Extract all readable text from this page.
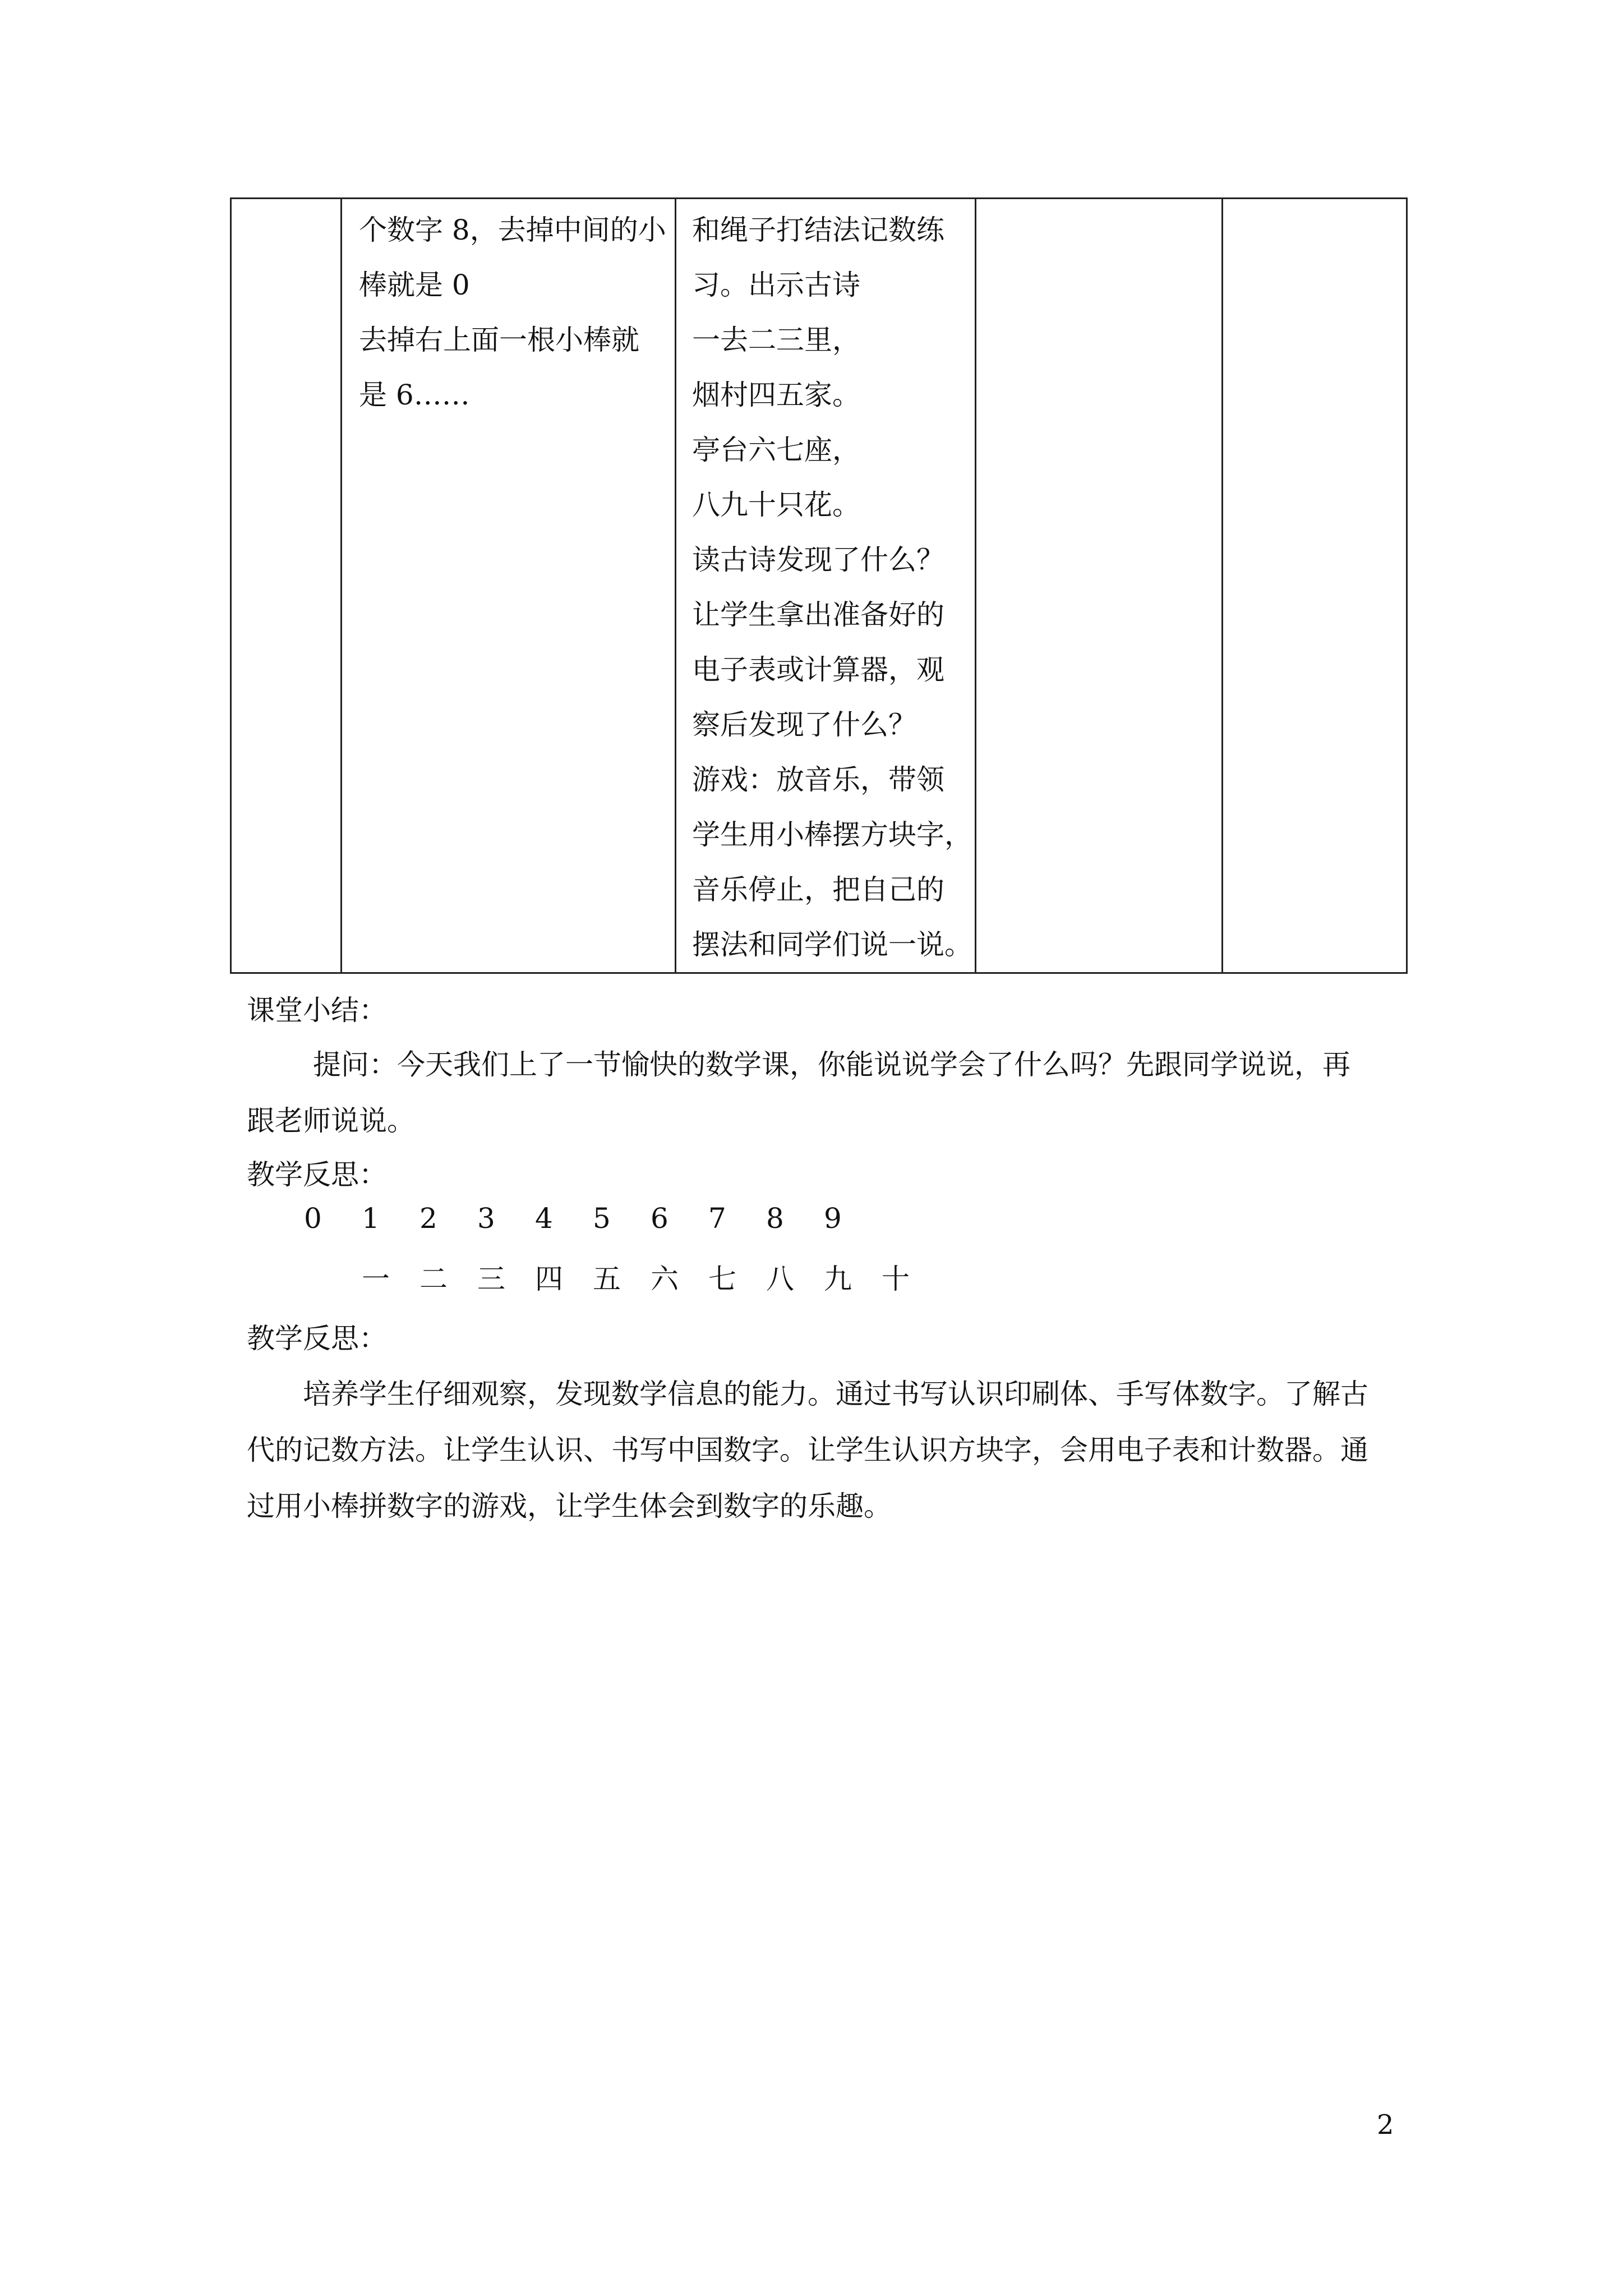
个数字 8，去掉中间的小
棒就是 0
去掉右上面一根小棒就
是 6……

和绳子打结法记数练
习。出示古诗
一去二三里，
烟村四五家。
亭台六七座，
八九十只花。
读古诗发现了什么？
让学生拿出准备好的
电子表或计算器，观
察后发现了什么？
游戏：放音乐，带领
学生用小棒摆方块字，
音乐停止，把自己的
摆法和同学们说一说。

课堂小结：
提问：今天我们上了一节愉快的数学课，你能说说学会了什么吗？先跟同学说说，再
跟老师说说。
教学反思：
0 1 2 3 4 5 6 7 8 9
一 二 三 四 五 六 七 八 九 十
教学反思：
培养学生仔细观察，发现数学信息的能力。通过书写认识印刷体、手写体数字。了解古
代的记数方法。让学生认识、书写中国数字。让学生认识方块字，会用电子表和计数器。通
过用小棒拼数字的游戏，让学生体会到数字的乐趣。
2
